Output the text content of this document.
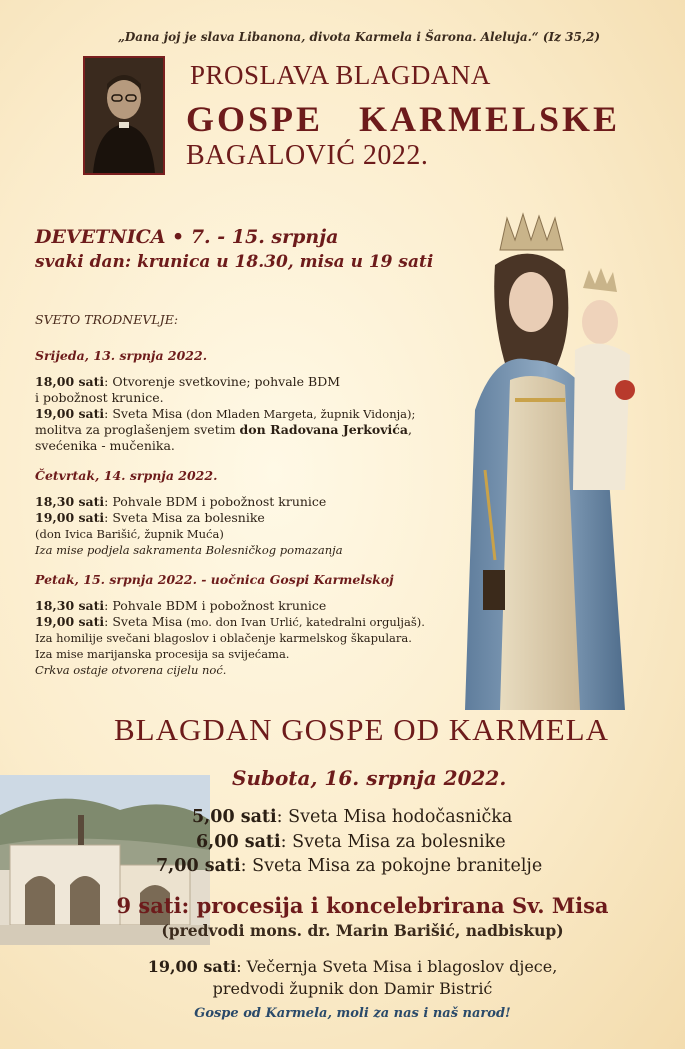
„Dana joj je slava Libanona, divota Karmela i Šarona. Aleluja.“ (Iz 35,2)
PROSLAVA BLAGDANA
GOSPE   KARMELSKE
BAGALOVIĆ 2022.
DEVETNICA • 7. - 15. srpnja
svaki dan: krunica u 18.30, misa u 19 sati
SVETO TRODNEVLJE:
Srijeda, 13. srpnja 2022.
18,00 sati: Otvorenje svetkovine; pohvale BDM
i pobožnost krunice.
19,00 sati: Sveta Misa (don Mladen Margeta, župnik Vidonja);
molitva za proglašenjem svetim don Radovana Jerkovića,
svećenika - mučenika.
Četvrtak, 14. srpnja 2022.
18,30 sati: Pohvale BDM i pobožnost krunice
19,00 sati: Sveta Misa za bolesnike
(don Ivica Barišić, župnik Muća)
Iza mise podjela sakramenta Bolesničkog pomazanja
Petak, 15. srpnja 2022. - uočnica Gospi Karmelskoj
18,30 sati: Pohvale BDM i pobožnost krunice
19,00 sati: Sveta Misa (mo. don Ivan Urlić, katedralni orguljaš).
Iza homilije svečani blagoslov i oblačenje karmelskog škapulara.
Iza mise marijanska procesija sa svijećama.
Crkva ostaje otvorena cijelu noć.
BLAGDAN GOSPE OD KARMELA
Subota, 16. srpnja 2022.
5,00 sati: Sveta Misa hodočasnička
6,00 sati: Sveta Misa za bolesnike
7,00 sati: Sveta Misa za pokojne branitelje
9 sati: procesija i koncelebrirana Sv. Misa
(predvodi mons. dr. Marin Barišić, nadbiskup)
19,00 sati: Večernja Sveta Misa i blagoslov djece,
predvodi župnik don Damir Bistrić
Gospe od Karmela, moli za nas i naš narod!
